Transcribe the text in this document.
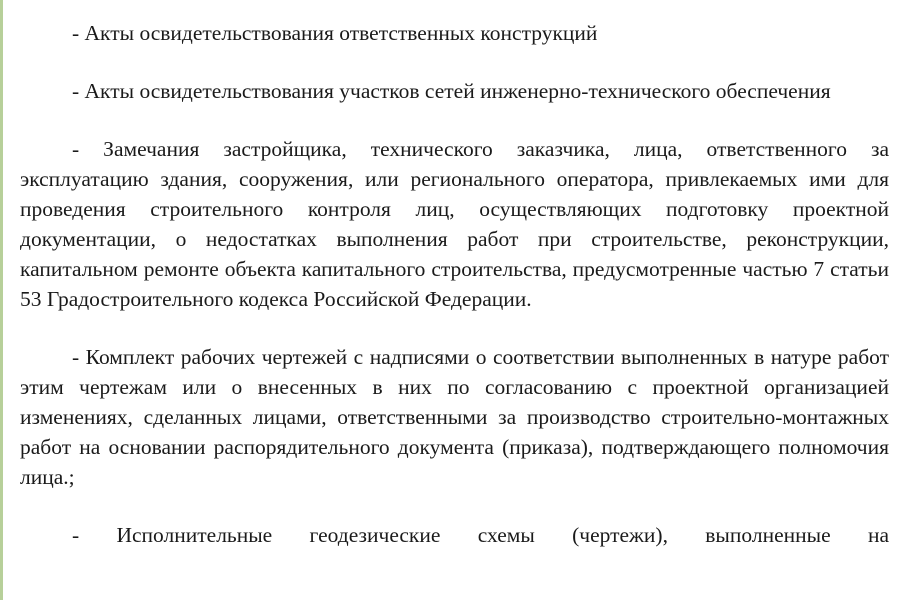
- Акты освидетельствования ответственных конструкций

- Акты освидетельствования участков сетей инженерно-технического обеспечения

- Замечания застройщика, технического заказчика, лица, ответственного за эксплуатацию здания, сооружения, или регионального оператора, привлекаемых ими для проведения строительного контроля лиц, осуществляющих подготовку проектной документации, о недостатках выполнения работ при строительстве, реконструкции, капитальном ремонте объекта капитального строительства, предусмотренные частью 7 статьи 53 Градостроительного кодекса Российской Федерации.

- Комплект рабочих чертежей с надписями о соответствии выполненных в натуре работ этим чертежам или о внесенных в них по согласованию с проектной организацией изменениях, сделанных лицами, ответственными за производство строительно-монтажных работ на основании распорядительного документа (приказа), подтверждающего полномочия лица.;

- Исполнительные геодезические схемы (чертежи), выполненные на
